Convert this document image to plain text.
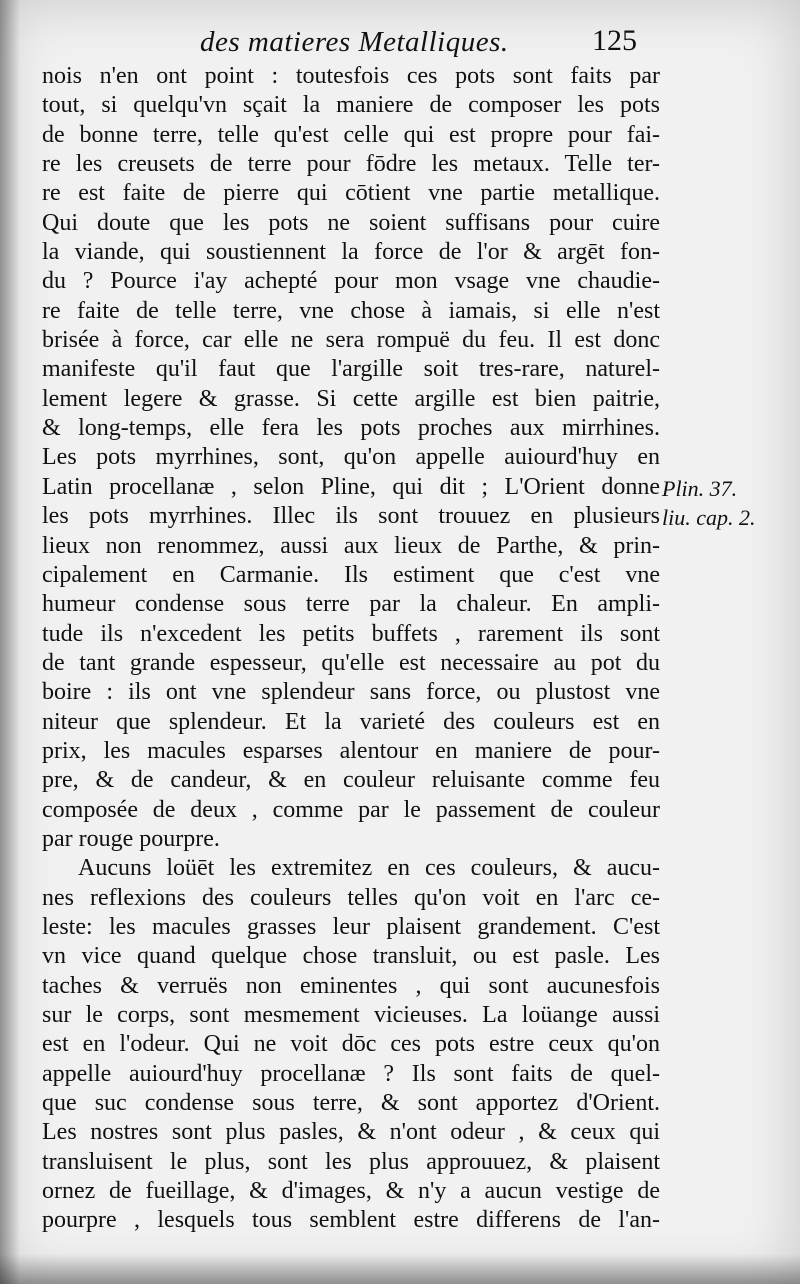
des matieres Metalliques.	125
nois n'en ont point : toutesfois ces pots sont faits par
tout, si quelqu'vn sçait la maniere de composer les pots
de bonne terre, telle qu'est celle qui est propre pour fai-
re les creusets de terre pour fōdre les metaux. Telle ter-
re est faite de pierre qui cōtient vne partie metallique.
Qui doute que les pots ne soient suffisans pour cuire
la viande, qui soustiennent la force de l'or & argēt fon-
du ? Pource i'ay achepté pour mon vsage vne chaudie-
re faite de telle terre, vne chose à iamais, si elle n'est
brisée à force, car elle ne sera rompuë du feu. Il est donc
manifeste qu'il faut que l'argille soit tres-rare, naturel-
lement legere & grasse. Si cette argille est bien paitrie,
& long-temps, elle fera les pots proches aux mirrhines.
Les pots myrrhines, sont, qu'on appelle auiourd'huy en
Latin procellanæ , selon Pline, qui dit ; L'Orient donne
les pots myrrhines. Illec ils sont trouuez en plusieurs
lieux non renommez, aussi aux lieux de Parthe, & prin-
cipalement en Carmanie. Ils estiment que c'est vne
humeur condense sous terre par la chaleur. En ampli-
tude ils n'excedent les petits buffets , rarement ils sont
de tant grande espesseur, qu'elle est necessaire au pot du
boire : ils ont vne splendeur sans force, ou plustost vne
niteur que splendeur. Et la varieté des couleurs est en
prix, les macules esparses alentour en maniere de pour-
pre, & de candeur, & en couleur reluisante comme feu
composée de deux , comme par le passement de couleur
par rouge pourpre.
Aucuns loüēt les extremitez en ces couleurs, & aucu-
nes reflexions des couleurs telles qu'on voit en l'arc ce-
leste: les macules grasses leur plaisent grandement. C'est
vn vice quand quelque chose transluit, ou est pasle. Les
taches & verruës non eminentes , qui sont aucunesfois
sur le corps, sont mesmement vicieuses. La loüange aussi
est en l'odeur. Qui ne voit dōc ces pots estre ceux qu'on
appelle auiourd'huy procellanæ ? Ils sont faits de quel-
que suc condense sous terre, & sont apportez d'Orient.
Les nostres sont plus pasles, & n'ont odeur , & ceux qui
transluisent le plus, sont les plus approuuez, & plaisent
ornez de fueillage, & d'images, & n'y a aucun vestige de
pourpre , lesquels tous semblent estre differens de l'an-
Plin. 37.
liu. cap. 2.
